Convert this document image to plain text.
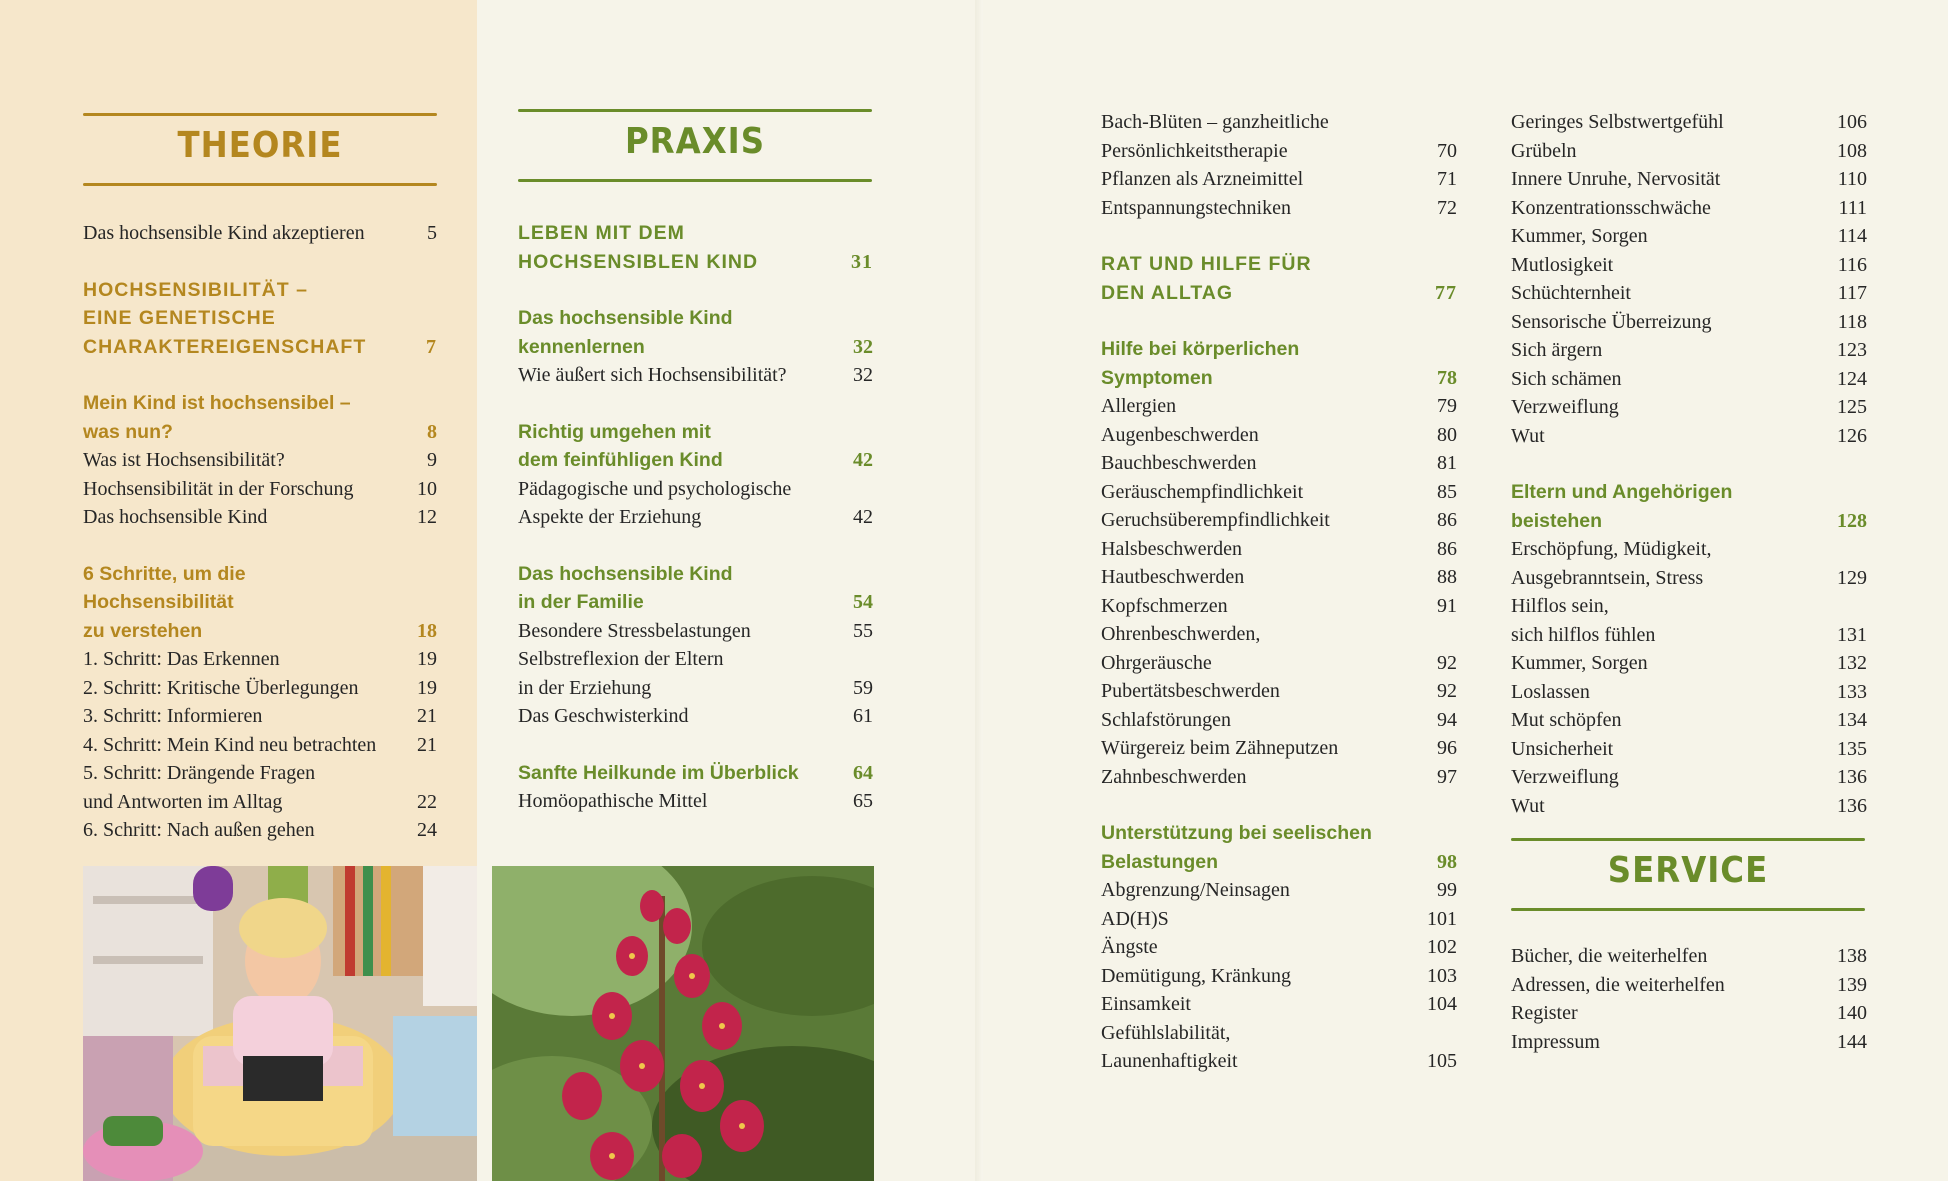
THEORIE
Das hochsensible Kind akzeptieren	5
HOCHSENSIBILITÄT –
EINE GENETISCHE
CHARAKTEREIGENSCHAFT	7
Mein Kind ist hochsensibel –
was nun?	8
Was ist Hochsensibilität?	9
Hochsensibilität in der Forschung	10
Das hochsensible Kind	12
6 Schritte, um die Hochsensibilität
zu verstehen	18
1. Schritt: Das Erkennen	19
2. Schritt: Kritische Überlegungen	19
3. Schritt: Informieren	21
4. Schritt: Mein Kind neu betrachten 21
5. Schritt: Drängende Fragen
und Antworten im Alltag	22
6. Schritt: Nach außen gehen	24
PRAXIS
LEBEN MIT DEM
HOCHSENSIBLEN KIND	31
Das hochsensible Kind
kennenlernen	32
Wie äußert sich Hochsensibilität?	32
Richtig umgehen mit
dem feinfühligen Kind	42
Pädagogische und psychologische
Aspekte der Erziehung	42
Das hochsensible Kind
in der Familie	54
Besondere Stressbelastungen	55
Selbstreflexion der Eltern
in der Erziehung	59
Das Geschwisterkind	61
Sanfte Heilkunde im Überblick	64
Homöopathische Mittel	65
Bach-Blüten – ganzheitliche
Persönlichkeitstherapie	70
Pflanzen als Arzneimittel	71
Entspannungstechniken	72
RAT UND HILFE FÜR
DEN ALLTAG	77
Hilfe bei körperlichen
Symptomen	78
Allergien	79
Augenbeschwerden	80
Bauchbeschwerden	81
Geräuschempfindlichkeit	85
Geruchsüberempfindlichkeit	86
Halsbeschwerden	86
Hautbeschwerden	88
Kopfschmerzen	91
Ohrenbeschwerden,
Ohrgeräusche	92
Pubertätsbeschwerden	92
Schlafstörungen	94
Würgereiz beim Zähneputzen	96
Zahnbeschwerden	97
Unterstützung bei seelischen
Belastungen	98
Abgrenzung/Neinsagen	99
AD(H)S	101
Ängste	102
Demütigung, Kränkung	103
Einsamkeit	104
Gefühlslabilität,
Launenhaftigkeit	105
Geringes Selbstwertgefühl	106
Grübeln	108
Innere Unruhe, Nervosität	110
Konzentrationsschwäche	111
Kummer, Sorgen	114
Mutlosigkeit	116
Schüchternheit	117
Sensorische Überreizung	118
Sich ärgern	123
Sich schämen	124
Verzweiflung	125
Wut	126
Eltern und Angehörigen
beistehen	128
Erschöpfung, Müdigkeit,
Ausgebranntsein, Stress	129
Hilflos sein,
sich hilflos fühlen	131
Kummer, Sorgen	132
Loslassen	133
Mut schöpfen	134
Unsicherheit	135
Verzweiflung	136
Wut	136
SERVICE
Bücher, die weiterhelfen	138
Adressen, die weiterhelfen	139
Register	140
Impressum	144
